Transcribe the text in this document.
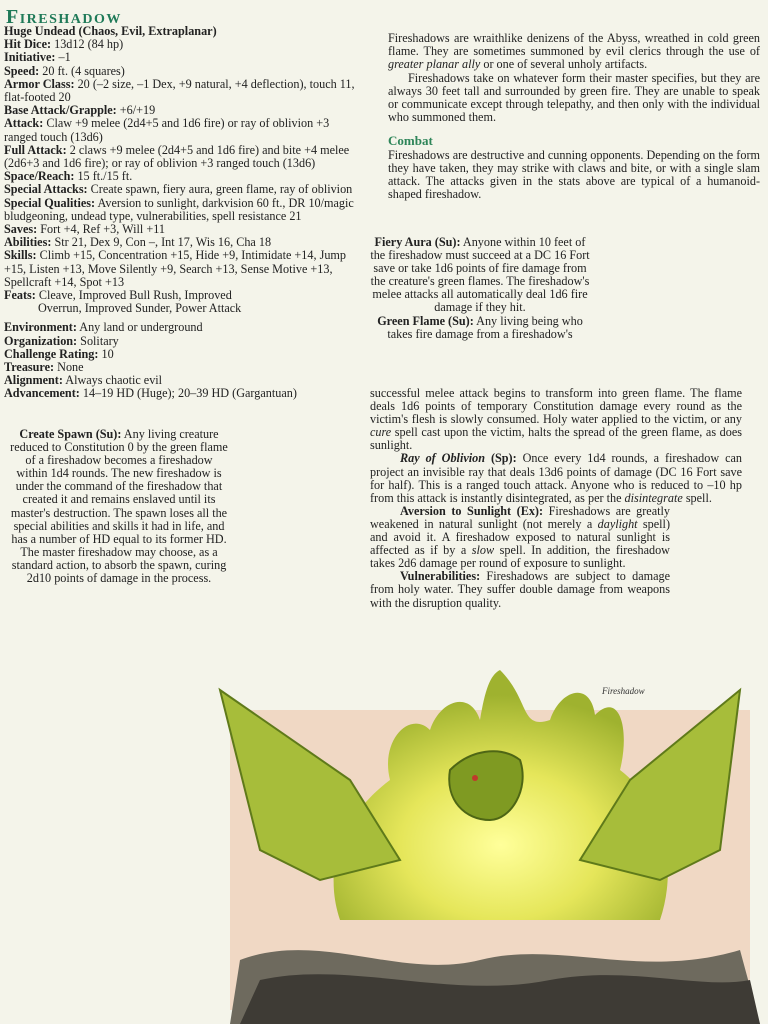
Fireshadow
Huge Undead (Chaos, Evil, Extraplanar)
Hit Dice: 13d12 (84 hp)
Initiative: –1
Speed: 20 ft. (4 squares)
Armor Class: 20 (–2 size, –1 Dex, +9 natural, +4 deflection), touch 11, flat-footed 20
Base Attack/Grapple: +6/+19
Attack: Claw +9 melee (2d4+5 and 1d6 fire) or ray of oblivion +3 ranged touch (13d6)
Full Attack: 2 claws +9 melee (2d4+5 and 1d6 fire) and bite +4 melee (2d6+3 and 1d6 fire); or ray of oblivion +3 ranged touch (13d6)
Space/Reach: 15 ft./15 ft.
Special Attacks: Create spawn, fiery aura, green flame, ray of oblivion
Special Qualities: Aversion to sunlight, darkvision 60 ft., DR 10/magic bludgeoning, undead type, vulnerabilities, spell resistance 21
Saves: Fort +4, Ref +3, Will +11
Abilities: Str 21, Dex 9, Con –, Int 17, Wis 16, Cha 18
Skills: Climb +15, Concentration +15, Hide +9, Intimidate +14, Jump +15, Listen +13, Move Silently +9, Search +13, Sense Motive +13, Spellcraft +14, Spot +13
Feats: Cleave, Improved Bull Rush, Improved
Overrun, Improved Sunder, Power Attack
Environment: Any land or underground
Organization: Solitary
Challenge Rating: 10
Treasure: None
Alignment: Always chaotic evil
Advancement: 14–19 HD (Huge); 20–39 HD (Gargantuan)
Create Spawn (Su): Any living creature reduced to Constitution 0 by the green flame of a fireshadow becomes a fireshadow within 1d4 rounds. The new fireshadow is under the command of the fireshadow that created it and remains enslaved until its master's destruction. The spawn loses all the special abilities and skills it had in life, and has a number of HD equal to its former HD. The master fireshadow may choose, as a standard action, to absorb the spawn, curing 2d10 points of damage in the process.

Fireshadows are wraithlike denizens of the Abyss, wreathed in cold green flame. They are sometimes summoned by evil clerics through the use of greater planar ally or one of several unholy artifacts.

Fireshadows take on whatever form their master specifies, but they are always 30 feet tall and surrounded by green fire. They are unable to speak or communicate except through telepathy, and then only with the individual who summoned them.

Combat

Fireshadows are destructive and cunning opponents. Depending on the form they have taken, they may strike with claws and bite, or with a single slam attack. The attacks given in the stats above are typical of a humanoid-shaped fireshadow.

Fiery Aura (Su): Anyone within 10 feet of the fireshadow must succeed at a DC 16 Fort save or take 1d6 points of fire damage from the creature's green flames. The fireshadow's melee attacks all automatically deal 1d6 fire damage if they hit.
Green Flame (Su): Any living being who takes fire damage from a fireshadow's

successful melee attack begins to transform into green flame. The flame deals 1d6 points of temporary Constitution damage every round as the victim's flesh is slowly consumed. Holy water applied to the victim, or any cure spell cast upon the victim, halts the spread of the green flame, as does sunlight.

Ray of Oblivion (Sp): Once every 1d4 rounds, a fireshadow can project an invisible ray that deals 13d6 points of damage (DC 16 Fort save for half). This is a ranged touch attack. Anyone who is reduced to –10 hp from this attack is instantly disintegrated, as per the disintegrate spell.

Aversion to Sunlight (Ex): Fireshadows are greatly weakened in natural sunlight (not merely a daylight spell) and avoid it. A fireshadow exposed to natural sunlight is affected as if by a slow spell. In addition, the fireshadow takes 2d6 damage per round of exposure to sunlight.

Vulnerabilities: Fireshadows are subject to damage from holy water. They suffer double damage from weapons with the disruption quality.

Fireshadow
